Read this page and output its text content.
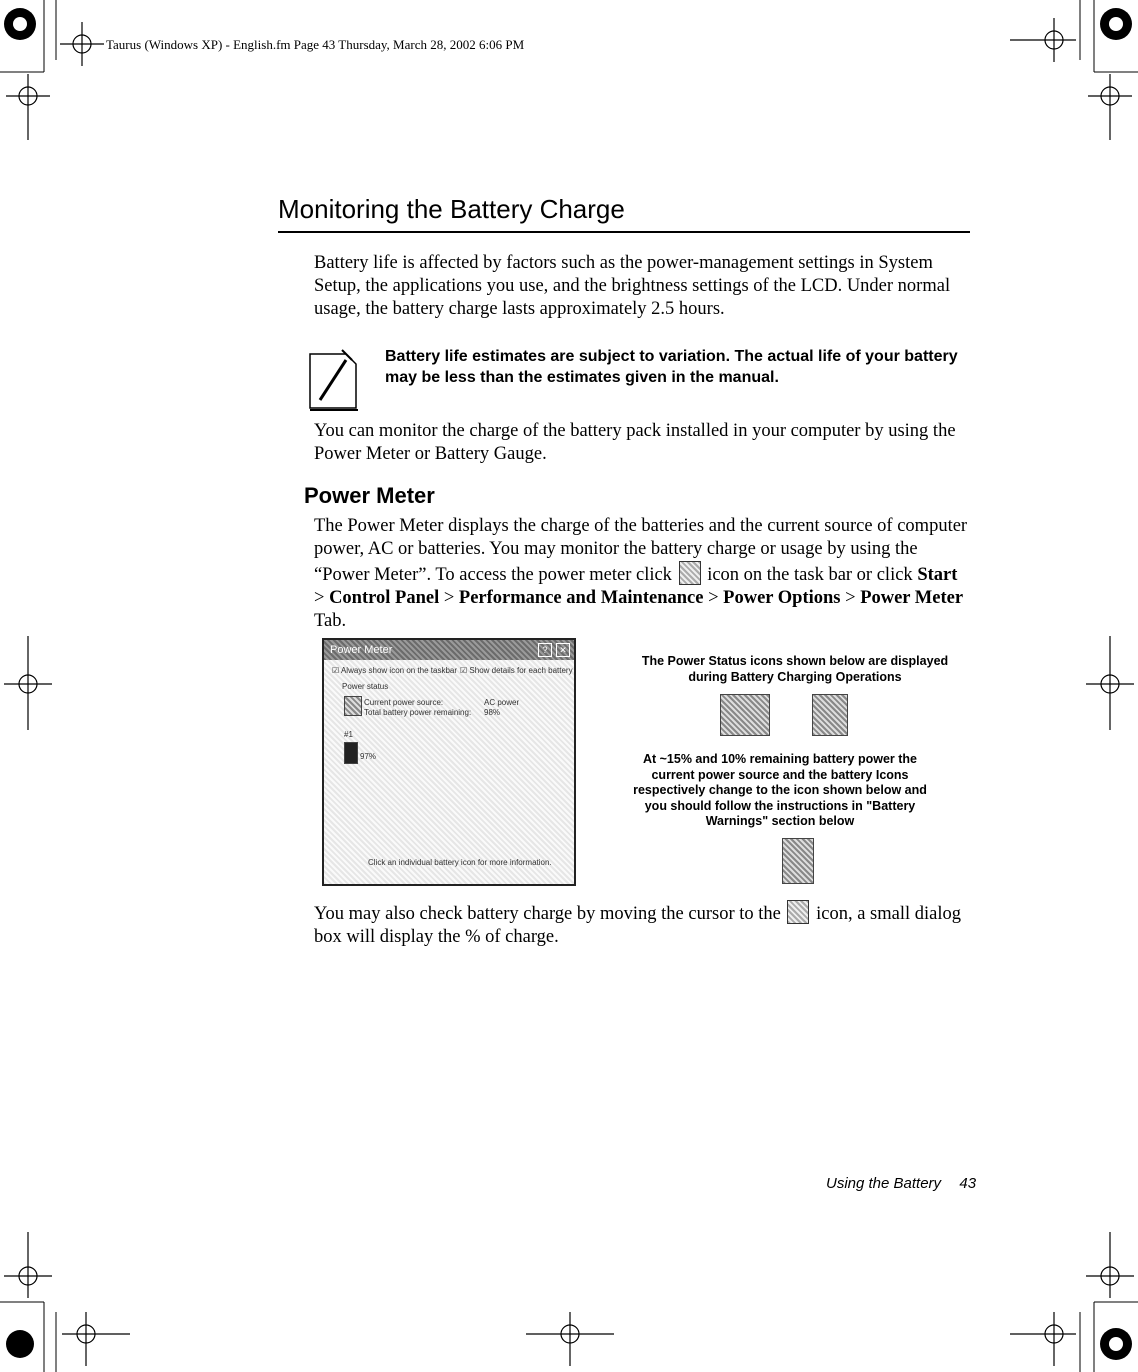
Taurus (Windows XP) - English.fm Page 43 Thursday, March 28, 2002 6:06 PM
Monitoring the Battery Charge

Battery life is affected by factors such as the power-management settings in System Setup, the applications you use, and the brightness settings of the LCD. Under normal usage, the battery charge lasts approximately 2.5 hours.

Battery life estimates are subject to variation. The actual life of your battery may be less than the estimates given in the manual.

You can monitor the charge of the battery pack installed in your computer by using the Power Meter or Battery Gauge.

Power Meter

The Power Meter displays the charge of the batteries and the current source of computer power, AC or batteries. You may monitor the battery charge or usage by using the “Power Meter”. To access the power meter click icon on the task bar or click Start > Control Panel > Performance and Maintenance > Power Options > Power Meter Tab.

Power Meter	?	✕
☑ Always show icon on the taskbar ☑ Show details for each battery
Power status
Current power source:	AC power
Total battery power remaining: 98%
#1
97%
Click an individual battery icon for more information.
The Power Status icons shown below are displayed during Battery Charging Operations
At ~15% and 10% remaining battery power the current power source and the battery Icons respectively change to the icon shown below and you should follow the instructions in "Battery Warnings" section below

You may also check battery charge by moving the cursor to the icon, a small dialog box will display the % of charge.

Using the Battery 43
